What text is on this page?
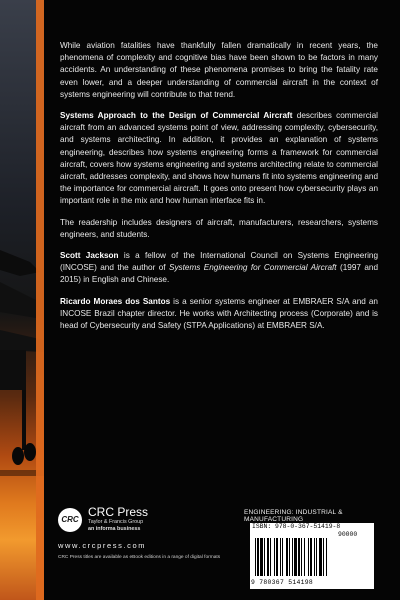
While aviation fatalities have thankfully fallen dramatically in recent years, the phenomena of complexity and cognitive bias have been shown to be factors in many accidents. An understanding of these phenomena promises to bring the fatality rate even lower, and a deeper understanding of commercial aircraft in the context of systems engineering will contribute to that trend.

Systems Approach to the Design of Commercial Aircraft describes commercial aircraft from an advanced systems point of view, addressing complexity, cybersecurity, and systems architecting. In addition, it provides an explanation of systems engineering, describes how systems engineering forms a framework for commercial aircraft, covers how systems engineering and systems architecting relate to commercial aircraft, addresses complexity, and shows how humans fit into systems engineering and the importance for commercial aircraft. It goes onto present how cybersecurity plays an important role in the mix and how human interface fits in.

The readership includes designers of aircraft, manufacturers, researchers, systems engineers, and students.

Scott Jackson is a fellow of the International Council on Systems Engineering (INCOSE) and the author of Systems Engineering for Commercial Aircraft (1997 and 2015) in English and Chinese.

Ricardo Moraes dos Santos is a senior systems engineer at EMBRAER S/A and an INCOSE Brazil chapter director. He works with Architecting process (Corporate) and is head of Cybersecurity and Safety (STPA Applications) at EMBRAER S/A.

CRC
CRC Press
Taylor & Francis Group
an informa business
www.crcpress.com
CRC Press titles are available as eBook editions in a range of digital formats
ENGINEERING: INDUSTRIAL & MANUFACTURING
ISBN: 978-0-367-51419-8
90000
9 780367 514198
